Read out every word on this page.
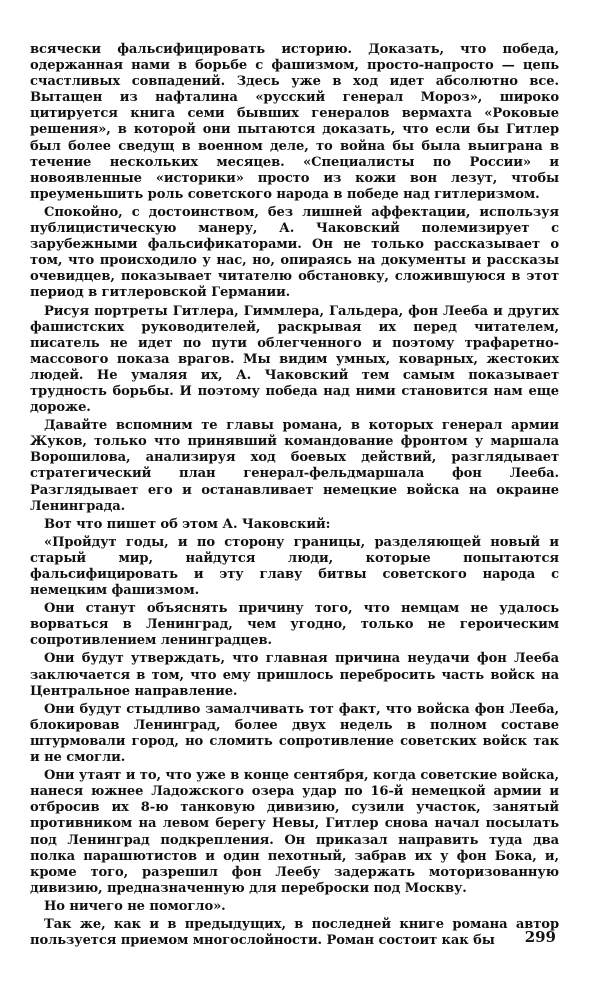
всячески фальсифицировать историю. Доказать, что победа, одержанная нами в борьбе с фашизмом, просто-напросто — цепь счастливых совпадений. Здесь уже в ход идет абсолютно все. Вытащен из нафталина «русский генерал Мороз», широко цитируется книга семи бывших генералов вермахта «Роковые решения», в которой они пытаются доказать, что если бы Гитлер был более сведущ в военном деле, то война бы была выиграна в течение нескольких месяцев. «Специалисты по России» и новоявленные «историки» просто из кожи вон лезут, чтобы преуменьшить роль советского народа в победе над гитлеризмом.

Спокойно, с достоинством, без лишней аффектации, используя публицистическую манеру, А. Чаковский полемизирует с зарубежными фальсификаторами. Он не только рассказывает о том, что происходило у нас, но, опираясь на документы и рассказы очевидцев, показывает читателю обстановку, сложившуюся в этот период в гитлеровской Германии.

Рисуя портреты Гитлера, Гиммлера, Гальдера, фон Лееба и других фашистских руководителей, раскрывая их перед читателем, писатель не идет по пути облегченного и поэтому трафаретно-массового показа врагов. Мы видим умных, коварных, жестоких людей. Не умаляя их, А. Чаковский тем самым показывает трудность борьбы. И поэтому победа над ними становится нам еще дороже.

Давайте вспомним те главы романа, в которых генерал армии Жуков, только что принявший командование фронтом у маршала Ворошилова, анализируя ход боевых действий, разглядывает стратегический план генерал-фельдмаршала фон Лееба. Разглядывает его и останавливает немецкие войска на окраине Ленинграда.

Вот что пишет об этом А. Чаковский:

«Пройдут годы, и по сторону границы, разделяющей новый и старый мир, найдутся люди, которые попытаются фальсифицировать и эту главу битвы советского народа с немецким фашизмом.

Они станут объяснять причину того, что немцам не удалось ворваться в Ленинград, чем угодно, только не героическим сопротивлением ленинградцев.

Они будут утверждать, что главная причина неудачи фон Лееба заключается в том, что ему пришлось перебросить часть войск на Центральное направление.

Они будут стыдливо замалчивать тот факт, что войска фон Лееба, блокировав Ленинград, более двух недель в полном составе штурмовали город, но сломить сопротивление советских войск так и не смогли.

Они утаят и то, что уже в конце сентября, когда советские войска, нанеся южнее Ладожского озера удар по 16-й немецкой армии и отбросив их 8-ю танковую дивизию, сузили участок, занятый противником на левом берегу Невы, Гитлер снова начал посылать под Ленинград подкрепления. Он приказал направить туда два полка парашютистов и один пехотный, забрав их у фон Бока, и, кроме того, разрешил фон Леебу задержать моторизованную дивизию, предназначенную для переброски под Москву.

Но ничего не помогло».

Так же, как и в предыдущих, в последней книге романа автор пользуется приемом многослойности. Роман состоит как бы	299
